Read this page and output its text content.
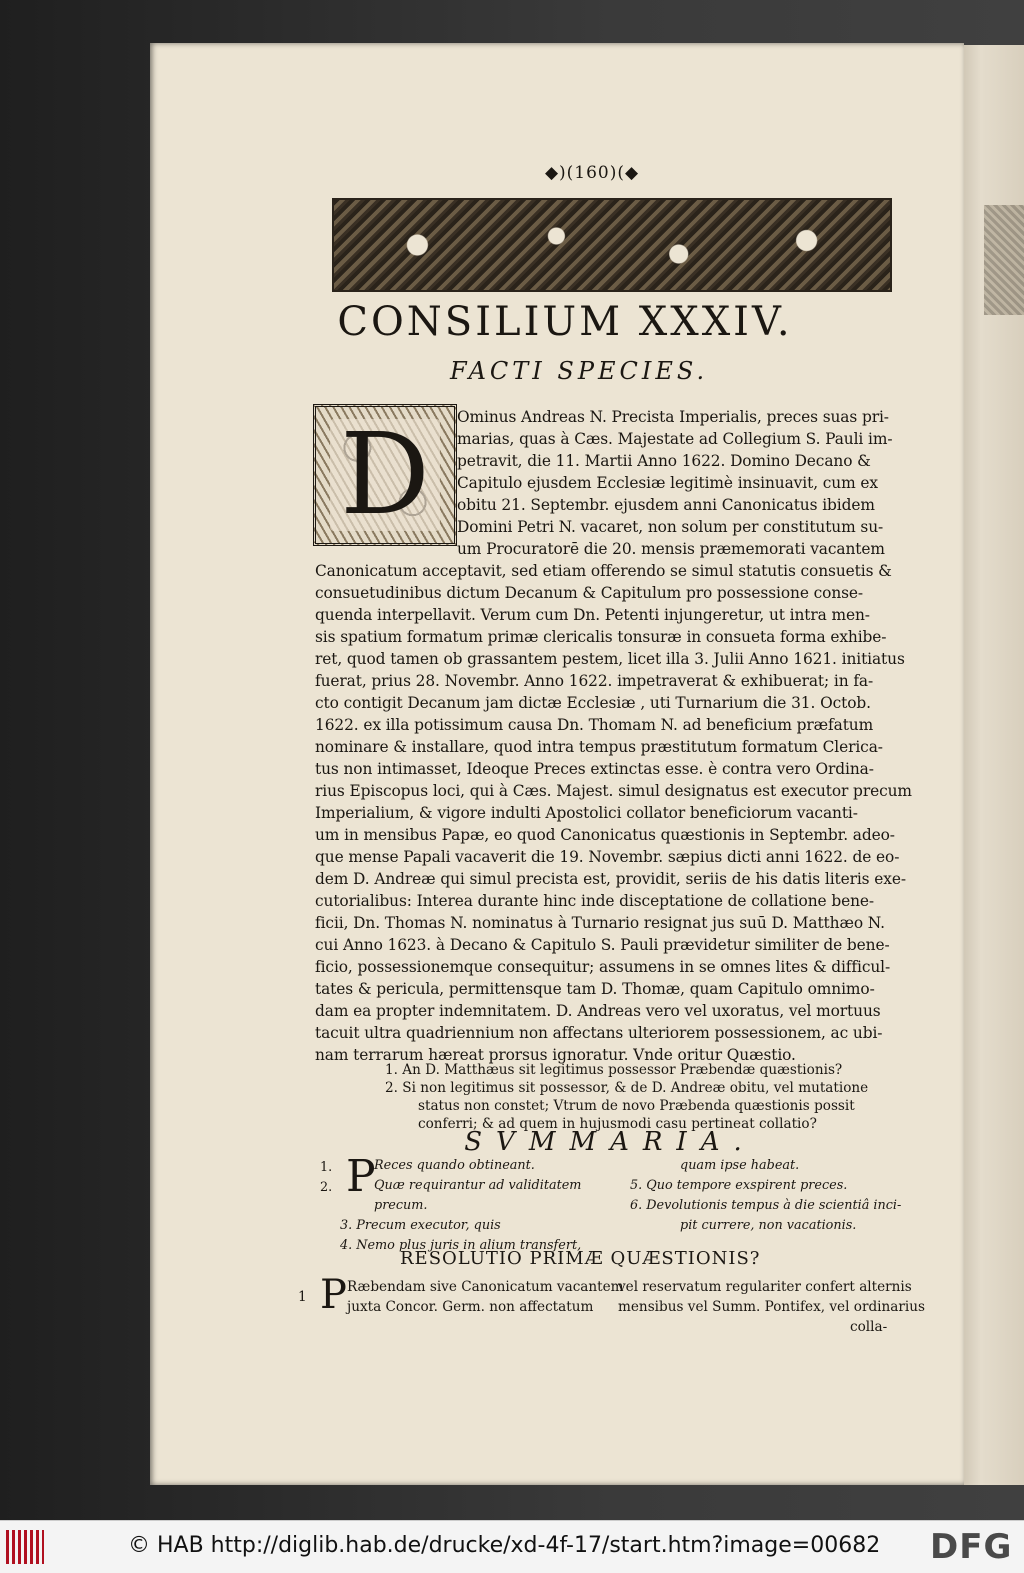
◆)(160)(◆
CONSILIUM XXXIV.
FACTI SPECIES.
D	Ominus Andreas N. Precista Imperialis, preces suas pri-
marias, quas à Cæs. Majestate ad Collegium S. Pauli im-
petravit, die 11. Martii Anno 1622. Domino Decano &
Capitulo ejusdem Ecclesiæ legitimè insinuavit, cum ex
obitu 21. Septembr. ejusdem anni Canonicatus ibidem
Domini Petri N. vacaret, non solum per constitutum su-
um Procuratorē die 20. mensis præmemorati vacantem
Canonicatum acceptavit, sed etiam offerendo se simul statutis consuetis &
consuetudinibus dictum Decanum & Capitulum pro possessione conse-
quenda interpellavit. Verum cum Dn. Petenti injungeretur, ut intra men-
sis spatium formatum primæ clericalis tonsuræ in consueta forma exhibe-
ret, quod tamen ob grassantem pestem, licet illa 3. Julii Anno 1621. initiatus
fuerat, prius 28. Novembr. Anno 1622. impetraverat & exhibuerat; in fa-
cto contigit Decanum jam dictæ Ecclesiæ , uti Turnarium die 31. Octob.
1622. ex illa potissimum causa Dn. Thomam N. ad beneficium præfatum
nominare & installare, quod intra tempus præstitutum formatum Clerica-
tus non intimasset, Ideoque Preces extinctas esse. è contra vero Ordina-
rius Episcopus loci, qui à Cæs. Majest. simul designatus est executor precum
Imperialium, & vigore indulti Apostolici collator beneficiorum vacanti-
um in mensibus Papæ, eo quod Canonicatus quæstionis in Septembr. adeo-
que mense Papali vacaverit die 19. Novembr. sæpius dicti anni 1622. de eo-
dem D. Andreæ qui simul precista est, providit, seriis de his datis literis exe-
cutorialibus: Interea durante hinc inde disceptatione de collatione bene-
ficii, Dn. Thomas N. nominatus à Turnario resignat jus suū D. Matthæo N.
cui Anno 1623. à Decano & Capitulo S. Pauli prævidetur similiter de bene-
ficio, possessionemque consequitur; assumens in se omnes lites & difficul-
tates & pericula, permittensque tam D. Thomæ, quam Capitulo omnimo-
dam ea propter indemnitatem. D. Andreas vero vel uxoratus, vel mortuus
tacuit ultra quadriennium non affectans ulteriorem possessionem, ac ubi-
nam terrarum hæreat prorsus ignoratur. Vnde oritur Quæstio.
1. An D. Matthæus sit legitimus possessor Præbendæ quæstionis?
2. Si non legitimus sit possessor, & de D. Andreæ obitu, vel mutatione
status non constet; Vtrum de novo Præbenda quæstionis possit
conferri; & ad quem in hujusmodi casu pertineat collatio?
SVMMARIA.
1.
2. P
Reces quando obtineant.
Quæ requirantur ad validitatem
precum.
3. Precum executor, quis
4. Nemo plus juris in alium transfert,
quam ipse habeat.
5. Quo tempore exspirent preces.
6. Devolutionis tempus à die scientiâ inci-
pit currere, non vacationis.
RESOLUTIO PRIMÆ QUÆSTIONIS?
1 P Ræbendam sive Canonicatum vacantem
juxta Concor. Germ. non affectatum
vel reservatum regulariter confert alternis
mensibus vel Summ. Pontifex, vel ordinarius
colla-
© HAB http://diglib.hab.de/drucke/xd-4f-17/start.htm?image=00682 DFG
